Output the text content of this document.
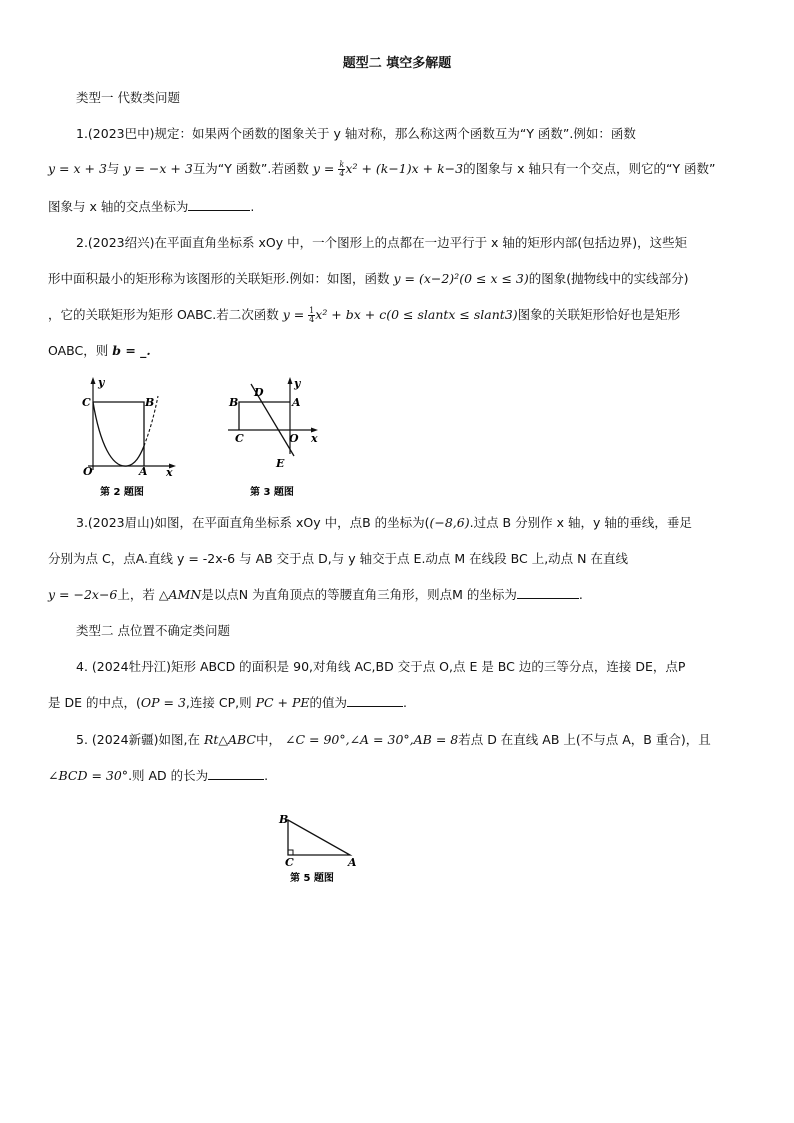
题型二 填空多解题
类型一 代数类问题
1.(2023巴中)规定：如果两个函数的图象关于 y 轴对称，那么称这两个函数互为“Y 函数”.例如：函数
y = x + 3与 y = −x + 3互为“Y 函数”.若函数 $y = \frac{k}{4}x^2 + (k-1)x + k-3$的图象与 x 轴只有一个交点，则它的“Y 函数”
图象与 x 轴的交点坐标为	.
2.(2023绍兴)在平面直角坐标系 xOy 中，一个图形上的点都在一边平行于 x 轴的矩形内部(包括边界)，这些矩
形中面积最小的矩形称为该图形的关联矩形.例如：如图，函数 y = (x−2)²(0 ≤ x ≤ 3)的图象(抛物线中的实线部分)
，它的关联矩形为矩形 OABC.若二次函数 $y = \frac{1}{4}x^2$ + bx + c(0 ≤ slantx ≤ slant3)图象的关联矩形恰好也是矩形
OABC，则 b = _.
y
C	B
O	A x
第 2 题图
y
D
B	A
C	O x
E
第 3 题图
3.(2023眉山)如图，在平面直角坐标系 xOy 中，点B 的坐标为((−8,6).过点 B 分别作 x 轴，y 轴的垂线，垂足
分别为点 C，点A.直线 y = -2x-6 与 AB 交于点 D,与 y 轴交于点 E.动点 M 在线段 BC 上,动点 N 在直线
y = −2x−6上，若 △AMN是以点N 为直角顶点的等腰直角三角形，则点M 的坐标为	.
类型二 点位置不确定类问题
4. (2024牡丹江)矩形 ABCD 的面积是 90,对角线 AC,BD 交于点 O,点 E 是 BC 边的三等分点，连接 DE，点P
是 DE 的中点，(OP = 3,连接 CP,则 PC + PE的值为	.
5. (2024新疆)如图,在 Rt△ABC中， ∠C = 90°,∠A = 30°,AB = 8若点 D 在直线 AB 上(不与点 A，B 重合)，且
∠BCD = 30°.则 AD 的长为	.
B
C	A
第 5 题图
